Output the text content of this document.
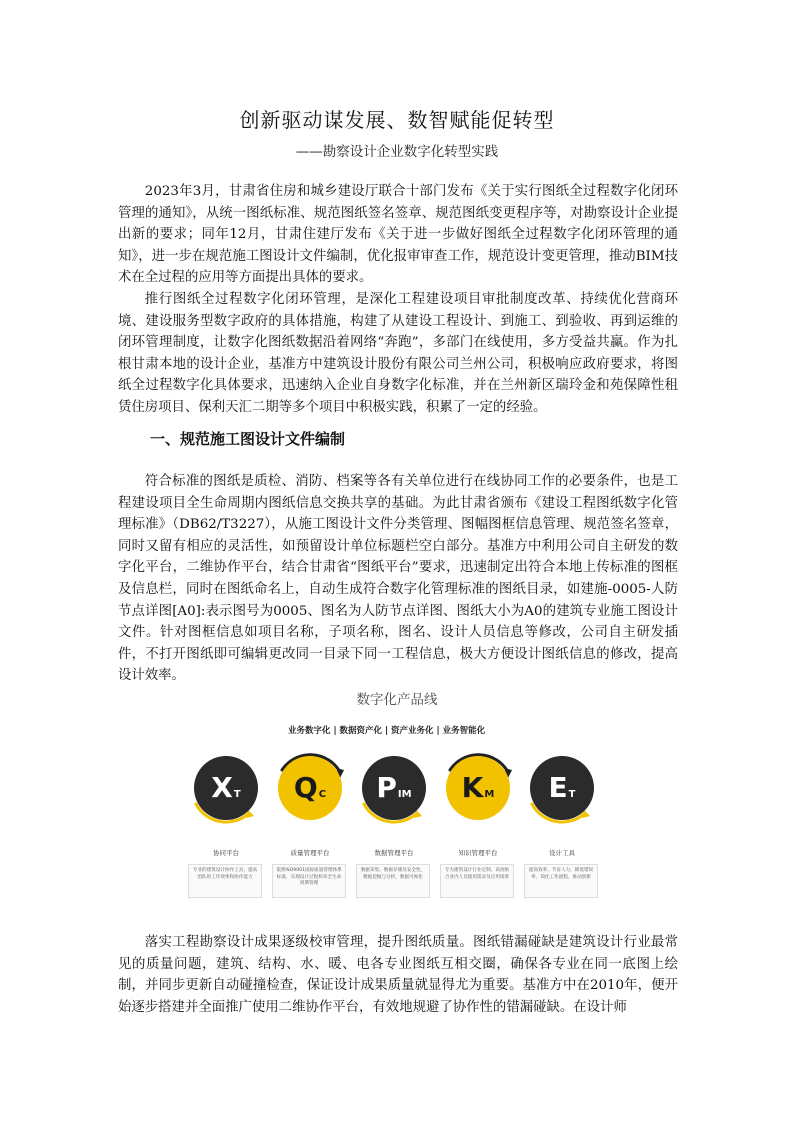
创新驱动谋发展、数智赋能促转型
——勘察设计企业数字化转型实践

2023年3月，甘肃省住房和城乡建设厅联合十部门发布《关于实行图纸全过程数字化闭环管理的通知》，从统一图纸标准、规范图纸签名签章、规范图纸变更程序等，对勘察设计企业提出新的要求；同年12月，甘肃住建厅发布《关于进一步做好图纸全过程数字化闭环管理的通知》，进一步在规范施工图设计文件编制，优化报审审查工作，规范设计变更管理，推动BIM技术在全过程的应用等方面提出具体的要求。

推行图纸全过程数字化闭环管理，是深化工程建设项目审批制度改革、持续优化营商环境、建设服务型数字政府的具体措施，构建了从建设工程设计、到施工、到验收、再到运维的闭环管理制度，让数字化图纸数据沿着网络“奔跑”，多部门在线使用，多方受益共赢。作为扎根甘肃本地的设计企业，基准方中建筑设计股份有限公司兰州公司，积极响应政府要求，将图纸全过程数字化具体要求，迅速纳入企业自身数字化标准，并在兰州新区瑞玲金和苑保障性租赁住房项目、保利天汇二期等多个项目中积极实践，积累了一定的经验。

一、规范施工图设计文件编制

符合标准的图纸是质检、消防、档案等各有关单位进行在线协同工作的必要条件，也是工程建设项目全生命周期内图纸信息交换共享的基础。为此甘肃省颁布《建设工程图纸数字化管理标准》（DB62/T3227），从施工图设计文件分类管理、图幅图框信息管理、规范签名签章，同时又留有相应的灵活性，如预留设计单位标题栏空白部分。基准方中利用公司自主研发的数字化平台，二维协作平台，结合甘肃省“图纸平台”要求，迅速制定出符合本地上传标准的图框及信息栏，同时在图纸命名上，自动生成符合数字化管理标准的图纸目录，如建施-0005-人防节点详图[A0]:表示图号为0005、图名为人防节点详图、图纸大小为A0的建筑专业施工图设计文件。针对图框信息如项目名称，子项名称，图名、设计人员信息等修改，公司自主研发插件，不打开图纸即可编辑更改同一目录下同一工程信息，极大方便设计图纸信息的修改，提高设计效率。

数字化产品线
业务数字化 | 数据资产化 | 资产业务化 | 业务智能化
X T
协同平台
专业的建筑设计协作工具，提高团队的工作效率和协作能力
Q C
质量管理平台
依照ISO9001国际质量管理体系标准，实现设计过程校审全生命周期管理
P IM
数据管理平台
数据采集、数据存储及安全性，数据挖掘与分析，数据可视化
K M
知识管理平台
专为建筑设计行业定制，高度贴合业内人员使用需求及应用场景
E T
设计工具
提高效率、节省人力，降低错误率，简化工作流程，推动创新

落实工程勘察设计成果逐级校审管理，提升图纸质量。图纸错漏碰缺是建筑设计行业最常见的质量问题，建筑、结构、水、暖、电各专业图纸互相交圈，确保各专业在同一底图上绘制，并同步更新自动碰撞检查，保证设计成果质量就显得尤为重要。基准方中在2010年，便开始逐步搭建并全面推广使用二维协作平台，有效地规避了协作性的错漏碰缺。在设计师
